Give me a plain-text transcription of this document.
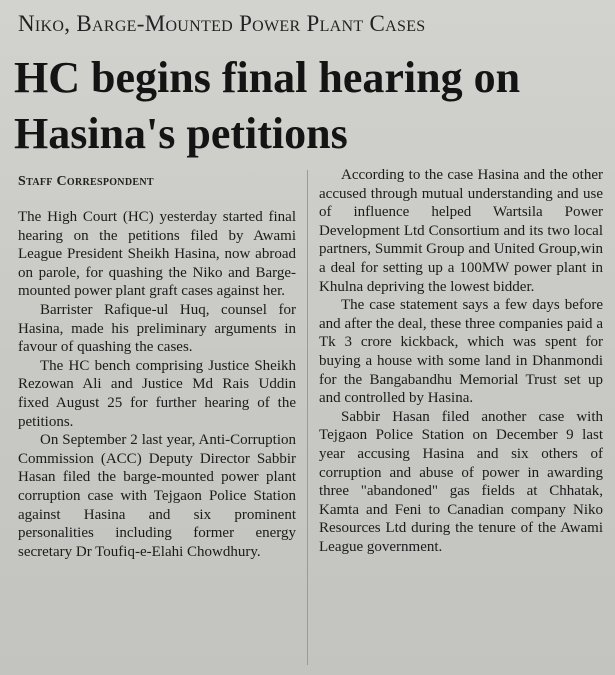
Niko, Barge-Mounted Power Plant Cases
HC begins final hearing on
Hasina's petitions
Staff Correspondent

The High Court (HC) yesterday started final hearing on the petitions filed by Awami League President Sheikh Hasina, now abroad on parole, for quashing the Niko and Barge-mounted power plant graft cases against her.

Barrister Rafique-ul Huq, counsel for Hasina, made his preliminary arguments in favour of quashing the cases.

The HC bench comprising Justice Sheikh Rezowan Ali and Justice Md Rais Uddin fixed August 25 for further hearing of the petitions.

On September 2 last year, Anti-Corruption Commission (ACC) Deputy Director Sabbir Hasan filed the barge-mounted power plant corruption case with Tejgaon Police Station against Hasina and six prominent personalities including former energy secretary Dr Toufiq-e-Elahi Chowdhury.

According to the case Hasina and the other accused through mutual understanding and use of influence helped Wartsila Power Development Ltd Consortium and its two local partners, Summit Group and United Group,win a deal for setting up a 100MW power plant in Khulna depriving the lowest bidder.

The case statement says a few days before and after the deal, these three companies paid a Tk 3 crore kickback, which was spent for buying a house with some land in Dhanmondi for the Bangabandhu Memorial Trust set up and controlled by Hasina.

Sabbir Hasan filed another case with Tejgaon Police Station on December 9 last year accusing Hasina and six others of corruption and abuse of power in awarding three "abandoned" gas fields at Chhatak, Kamta and Feni to Canadian company Niko Resources Ltd during the tenure of the Awami League government.
